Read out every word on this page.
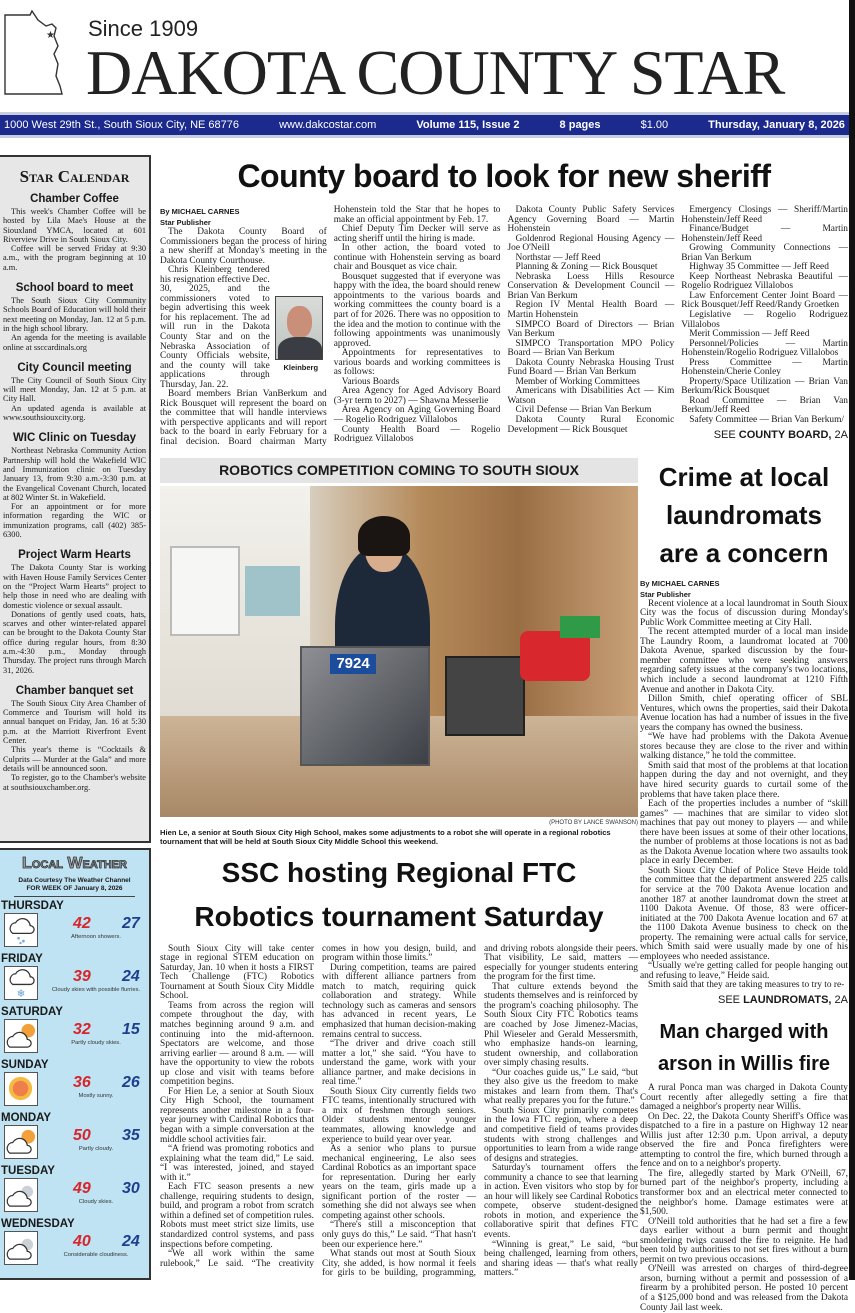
★ Since 1909
DAKOTA COUNTY STAR
1000 West 29th St., South Sioux City, NE 68776	www.dakcostar.com	Volume 115, Issue 2	8 pages	$1.00	Thursday, January 8, 2026
Star Calendar
Chamber Coffee

This week's Chamber Coffee will be hosted by Lila Mae's House at the Siouxland YMCA, located at 601 Riverview Drive in South Sioux City.

Coffee will be served Friday at 9:30 a.m., with the program beginning at 10 a.m.

School board to meet

The South Sioux City Community Schools Board of Education will hold their next meeting on Monday, Jan. 12 at 5 p.m. in the high school library.

An agenda for the meeting is available online at ssccardinals.org

City Council meeting

The City Council of South Sioux City will meet Monday, Jan. 12 at 5 p.m. at City Hall.

An updated agenda is available at www.southsiouxcity.org.

WIC Clinic on Tuesday

Northeast Nebraska Community Action Partnership will hold the Wakefield WIC and Immunization clinic on Tuesday January 13, from 9:30 a.m.-3:30 p.m. at the Evangelical Covenant Church, located at 802 Winter St. in Wakefield.

For an appointment or for more information regarding the WIC or immunization programs, call (402) 385-6300.

Project Warm Hearts

The Dakota County Star is working with Haven House Family Services Center on the “Project Warm Hearts” project to help those in need who are dealing with domestic violence or sexual assault.

Donations of gently used coats, hats, scarves and other winter-related apparel can be brought to the Dakota County Star office during regular hours, from 8:30 a.m.-4:30 p.m., Monday through Thursday. The project runs through March 31, 2026.

Chamber banquet set

The South Sioux City Area Chamber of Commerce and Tourism will hold its annual banquet on Friday, Jan. 16 at 5:30 p.m. at the Marriott Riverfront Event Center.

This year's theme is “Cocktails & Culprits — Murder at the Gala” and more details will be announced soon.

To register, go to the Chamber's website at southsiouxchamber.org.

Local Weather
Data Courtesy The Weather Channel
FOR WEEK OF January 8, 2026
THURSDAY
42 27
Afternoon showers.
FRIDAY
❄
39 24
Cloudy skies with possible flurries.
SATURDAY
32 15
Partly cloudy skies.
SUNDAY
36 26
Mostly sunny.
MONDAY
50 35
Partly cloudy.
TUESDAY
49 30
Cloudy skies.
WEDNESDAY
40 24
Considerable cloudiness.
County board to look for new sheriff
By MICHAEL CARNES
Star Publisher

The Dakota County Board of Commissioners began the process of hiring a new sheriff at Monday's meeting in the Dakota County Courthouse.

Kleinberg

Chris Kleinberg tendered his resignation effective Dec. 30, 2025, and the commissioners voted to begin advertising this week for his replacement. The ad will run in the Dakota County Star and on the Nebraska Association of County Officials website, and the county will take applications through Thursday, Jan. 22.

Board members Brian VanBerkum and Rick Bousquet will represent the board on the committee that will handle interviews with perspective applicants and will report back to the board in early February for a final decision. Board chairman Marty Hohenstein told the Star that he hopes to make an official appointment by Feb. 17.

Chief Deputy Tim Decker will serve as acting sheriff until the hiring is made.

In other action, the board voted to continue with Hohenstein serving as board chair and Bousquet as vice chair.

Bousquet suggested that if everyone was happy with the idea, the board should renew appointments to the various boards and working committees the county board is a part of for 2026. There was no opposition to the idea and the motion to continue with the following appointments was unanimously approved.

Appointments for representatives to various boards and working committees is as follows:

Various Boards

Area Agency for Aged Advisory Board (3-yr term to 2027) — Shawna Messerlie

Area Agency on Aging Governing Board — Rogelio Rodriguez Villalobos

County Health Board — Rogelio Rodriguez Villalobos

Dakota County Public Safety Services Agency Governing Board — Martin Hohenstein

Goldenrod Regional Housing Agency — Joe O'Neill

Northstar — Jeff Reed

Planning & Zoning — Rick Bousquet

Nebraska Loess Hills Resource Conservation & Development Council — Brian Van Berkum

Region IV Mental Health Board — Martin Hohenstein

SIMPCO Board of Directors — Brian Van Berkum

SIMPCO Transportation MPO Policy Board — Brian Van Berkum

Dakota County Nebraska Housing Trust Fund Board — Brian Van Berkum

Member of Working Committees

Americans with Disabilities Act — Kim Watson

Civil Defense — Brian Van Berkum

Dakota County Rural Economic Development — Rick Bousquet

Emergency Closings — Sheriff/Martin Hohenstein/Jeff Reed

Finance/Budget — Martin Hohenstein/Jeff Reed

Growing Community Connections — Brian Van Berkum

Highway 35 Committee — Jeff Reed

Keep Northeast Nebraska Beautiful — Rogelio Rodriguez Villalobos

Law Enforcement Center Joint Board — Rick Bousquet/Jeff Reed/Randy Groetken

Legislative — Rogelio Rodriguez Villalobos

Merit Commission — Jeff Reed

Personnel/Policies — Martin Hohenstein/Rogelio Rodriguez Villalobos

Press Committee — Martin Hohenstein/Cherie Conley

Property/Space Utilization — Brian Van Berkum/Rick Bousquet

Road Committee — Brian Van Berkum/Jeff Reed

Safety Committee — Brian Van Berkum/

SEE COUNTY BOARD, 2A
ROBOTICS COMPETITION COMING TO SOUTH SIOUX
7924
(PHOTO BY LANCE SWANSON)
Hien Le, a senior at South Sioux City High School, makes some adjustments to a robot she will operate in a regional robotics tournament that will be held at South Sioux City Middle School this weekend.
SSC hosting Regional FTC
Robotics tournament Saturday

South Sioux City will take center stage in regional STEM education on Saturday, Jan. 10 when it hosts a FIRST Tech Challenge (FTC) Robotics Tournament at South Sioux City Middle School.

Teams from across the region will compete throughout the day, with matches beginning around 9 a.m. and continuing into the mid-afternoon. Spectators are welcome, and those arriving earlier — around 8 a.m. — will have the opportunity to view the robots up close and visit with teams before competition begins.

For Hien Le, a senior at South Sioux City High School, the tournament represents another milestone in a four-year journey with Cardinal Robotics that began with a simple conversation at the middle school activities fair.

“A friend was promoting robotics and explaining what the team did,” Le said. “I was interested, joined, and stayed with it.”

Each FTC season presents a new challenge, requiring students to design, build, and program a robot from scratch within a defined set of competition rules. Robots must meet strict size limits, use standardized control systems, and pass inspections before competing.

“We all work within the same rulebook,” Le said. “The creativity comes in how you design, build, and program within those limits.”

During competition, teams are paired with different alliance partners from match to match, requiring quick collaboration and strategy. While technology such as cameras and sensors has advanced in recent years, Le emphasized that human decision-making remains central to success.

“The driver and drive coach still matter a lot,” she said. “You have to understand the game, work with your alliance partner, and make decisions in real time.”

South Sioux City currently fields two FTC teams, intentionally structured with a mix of freshmen through seniors. Older students mentor younger teammates, allowing knowledge and experience to build year over year.

As a senior who plans to pursue mechanical engineering, Le also sees Cardinal Robotics as an important space for representation. During her early years on the team, girls made up a significant portion of the roster — something she did not always see when competing against other schools.

“There's still a misconception that only guys do this,” Le said. “That hasn't been our experience here.”

What stands out most at South Sioux City, she added, is how normal it feels for girls to be building, programming, and driving robots alongside their peers. That visibility, Le said, matters — especially for younger students entering the program for the first time.

That culture extends beyond the students themselves and is reinforced by the program's coaching philosophy. The South Sioux City FTC Robotics teams are coached by Jose Jimenez-Macias, Phil Wieseler and Gerald Messersmith, who emphasize hands-on learning, student ownership, and collaboration over simply chasing results.

“Our coaches guide us,” Le said, “but they also give us the freedom to make mistakes and learn from them. That's what really prepares you for the future.”

South Sioux City primarily competes in the Iowa FTC region, where a deep and competitive field of teams provides students with strong challenges and opportunities to learn from a wide range of designs and strategies.

Saturday's tournament offers the community a chance to see that learning in action. Even visitors who stop by for an hour will likely see Cardinal Robotics compete, observe student-designed robots in motion, and experience the collaborative spirit that defines FTC events.

“Winning is great,” Le said, “but being challenged, learning from others, and sharing ideas — that's what really matters.”

Crime at local
laundromats
are a concern
By MICHAEL CARNES
Star Publisher

Recent violence at a local laundromat in South Sioux City was the focus of discussion during Monday's Public Work Committee meeting at City Hall.

The recent attempted murder of a local man inside The Laundry Room, a laundromat located at 700 Dakota Avenue, sparked discussion by the four-member committee who were seeking answers regarding safety issues at the company's two locations, which include a second laundromat at 1210 Fifth Avenue and another in Dakota City.

Dillon Smith, chief operating officer of SBL Ventures, which owns the properties, said their Dakota Avenue location has had a number of issues in the five years the company has owned the business.

“We have had problems with the Dakota Avenue stores because they are close to the river and within walking distance,” he told the committee.

Smith said that most of the problems at that location happen during the day and not overnight, and they have hired security guards to curtail some of the problems that have taken place there.

Each of the properties includes a number of “skill games” — machines that are similar to video slot machines that pay out money to players — and while there have been issues at some of their other locations, the number of problems at those locations is not as bad as the Dakota Avenue location where two assaults took place in early December.

South Sioux City Chief of Police Steve Heide told the committee that the department answered 225 calls for service at the 700 Dakota Avenue location and another 187 at another laundromat down the street at 1100 Dakota Avenue. Of those, 83 were officer-initiated at the 700 Dakota Avenue location and 67 at the 1100 Dakota Avenue business to check on the property. The remaining were actual calls for service, which Smith said were usually made by one of his employees who needed assistance.

“Usually we're getting called for people hanging out and refusing to leave,” Heide said.

Smith said that they are taking measures to try to re-

SEE LAUNDROMATS, 2A
Man charged with
arson in Willis fire

A rural Ponca man was charged in Dakota County Court recently after allegedly setting a fire that damaged a neighbor's property near Willis.

On Dec. 22, the Dakota County Sheriff's Office was dispatched to a fire in a pasture on Highway 12 near Willis just after 12:30 p.m. Upon arrival, a deputy observed the fire and Ponca firefighters were attempting to control the fire, which burned through a fence and on to a neighbor's property.

The fire, allegedly started by Mark O'Neill, 67, burned part of the neighbor's property, including a transformer box and an electrical meter connected to the neighbor's home. Damage estimates were at $1,500.

O'Neill told authorities that he had set a fire a few days earlier without a burn permit and thought smoldering twigs caused the fire to reignite. He had been told by authorities to not set fires without a burn permit on two previous occasions.

O'Neill was arrested on charges of third-degree arson, burning without a permit and possession of a firearm by a prohibited person. He posted 10 percent of a $125,000 bond and was released from the Dakota County Jail last week.
